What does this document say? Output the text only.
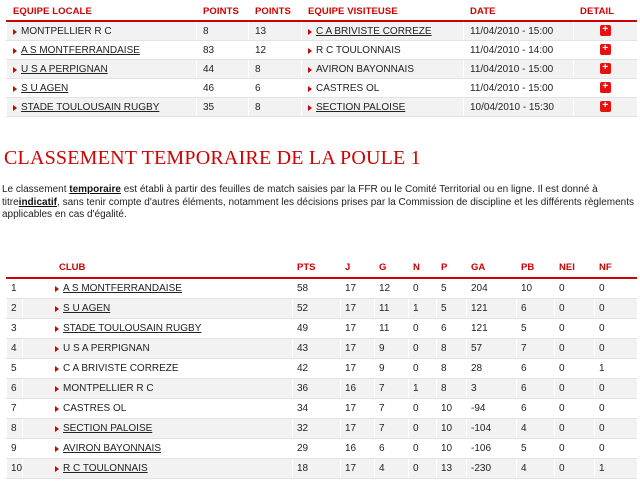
EQUIPE LOCALE	POINTS	POINTS	EQUIPE VISITEUSE	DATE	DETAIL
MONTPELLIER R C	8	13	C A BRIVISTE CORREZE	11/04/2010 - 15:00	+
A S MONTFERRANDAISE	83	12	R C TOULONNAIS	11/04/2010 - 14:00	+
U S A PERPIGNAN	44	8	AVIRON BAYONNAIS	11/04/2010 - 15:00	+
S U AGEN	46	6	CASTRES OL	11/04/2010 - 15:00	+
STADE TOULOUSAIN RUGBY	35	8	SECTION PALOISE	10/04/2010 - 15:30	+
CLASSEMENT TEMPORAIRE DE LA POULE 1

Le classement temporaire est établi à partir des feuilles de match saisies par la FFR ou le Comité Territorial ou en ligne. Il est donné à titreindicatif, sans tenir compte d'autres éléments, notamment les décisions prises par la Commission de discipline et les différents règlements applicables en cas d'égalité.

	CLUB	PTS	J	G	N	P	GA	PB	NEI	NF
1	A S MONTFERRANDAISE	58	17	12	0	5	204	10	0	0
2	S U AGEN	52	17	11	1	5	121	6	0	0
3	STADE TOULOUSAIN RUGBY	49	17	11	0	6	121	5	0	0
4	U S A PERPIGNAN	43	17	9	0	8	57	7	0	0
5	C A BRIVISTE CORREZE	42	17	9	0	8	28	6	0	1
6	MONTPELLIER R C	36	16	7	1	8	3	6	0	0
7	CASTRES OL	34	17	7	0	10	-94	6	0	0
8	SECTION PALOISE	32	17	7	0	10	-104	4	0	0
9	AVIRON BAYONNAIS	29	16	6	0	10	-106	5	0	0
10	R C TOULONNAIS	18	17	4	0	13	-230	4	0	1
